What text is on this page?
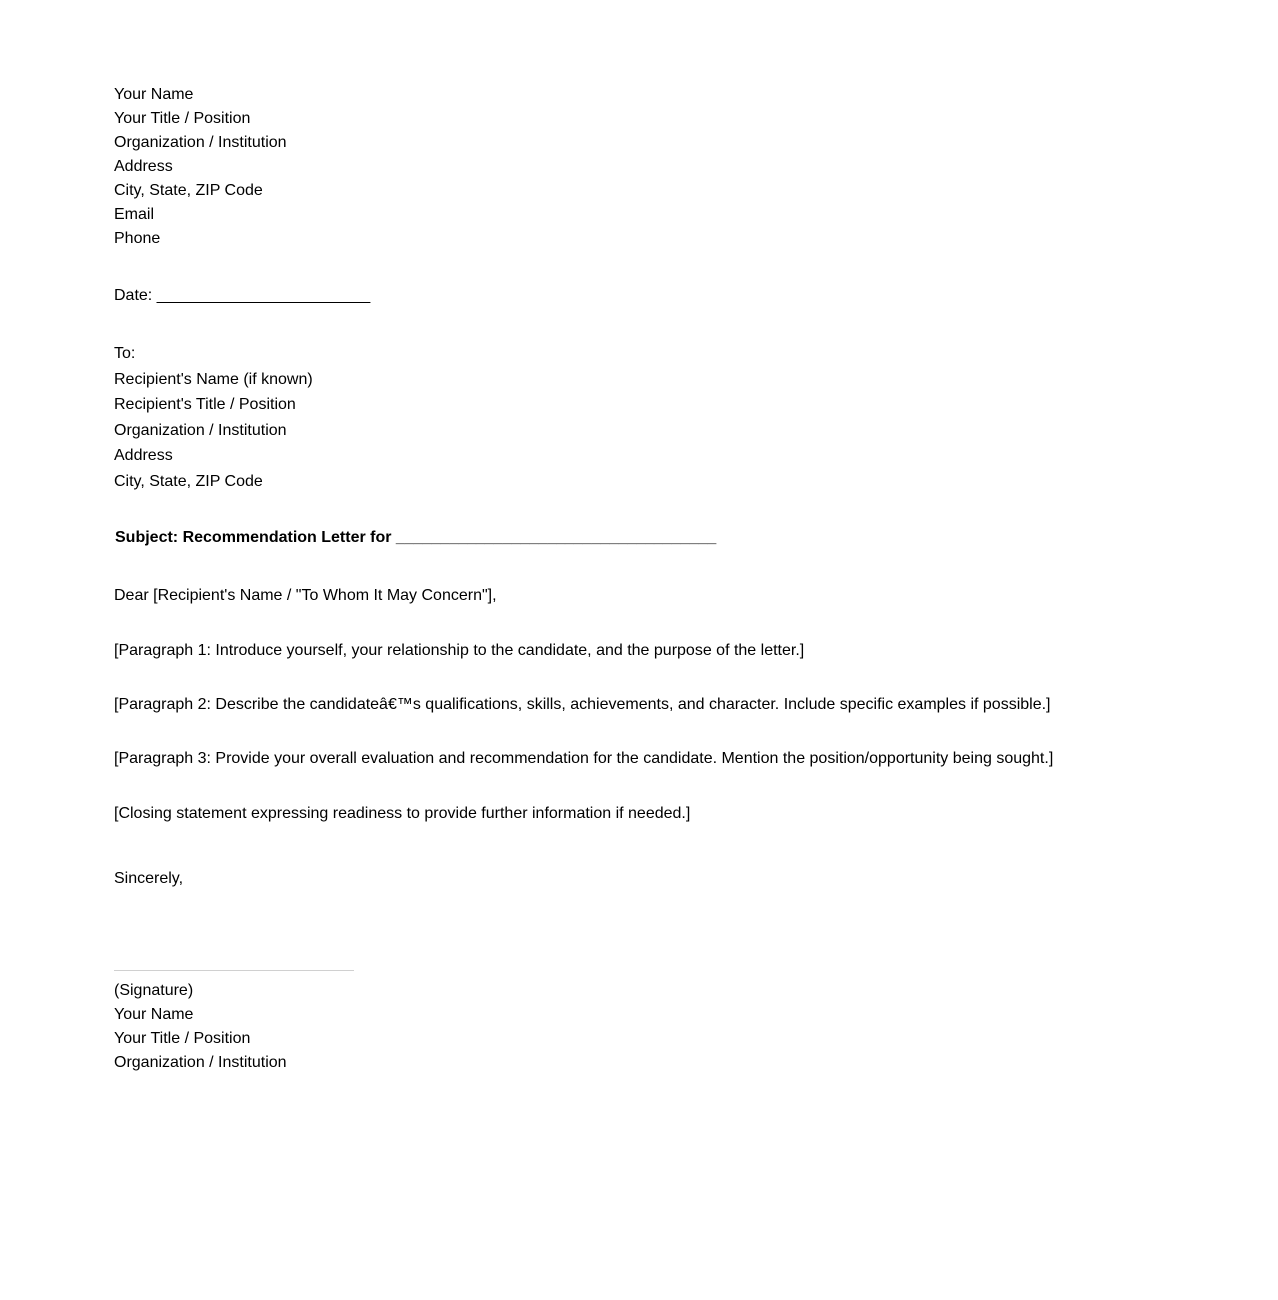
Your Name
Your Title / Position
Organization / Institution
Address
City, State, ZIP Code
Email
Phone
Date: ________________________
To:
Recipient's Name (if known)
Recipient's Title / Position
Organization / Institution
Address
City, State, ZIP Code
Subject: Recommendation Letter for ____________________________________
Dear [Recipient's Name / "To Whom It May Concern"],
[Paragraph 1: Introduce yourself, your relationship to the candidate, and the purpose of the letter.]
[Paragraph 2: Describe the candidateâ€™s qualifications, skills, achievements, and character. Include specific examples if possible.]
[Paragraph 3: Provide your overall evaluation and recommendation for the candidate. Mention the position/opportunity being sought.]
[Closing statement expressing readiness to provide further information if needed.]
Sincerely,
(Signature)
Your Name
Your Title / Position
Organization / Institution
